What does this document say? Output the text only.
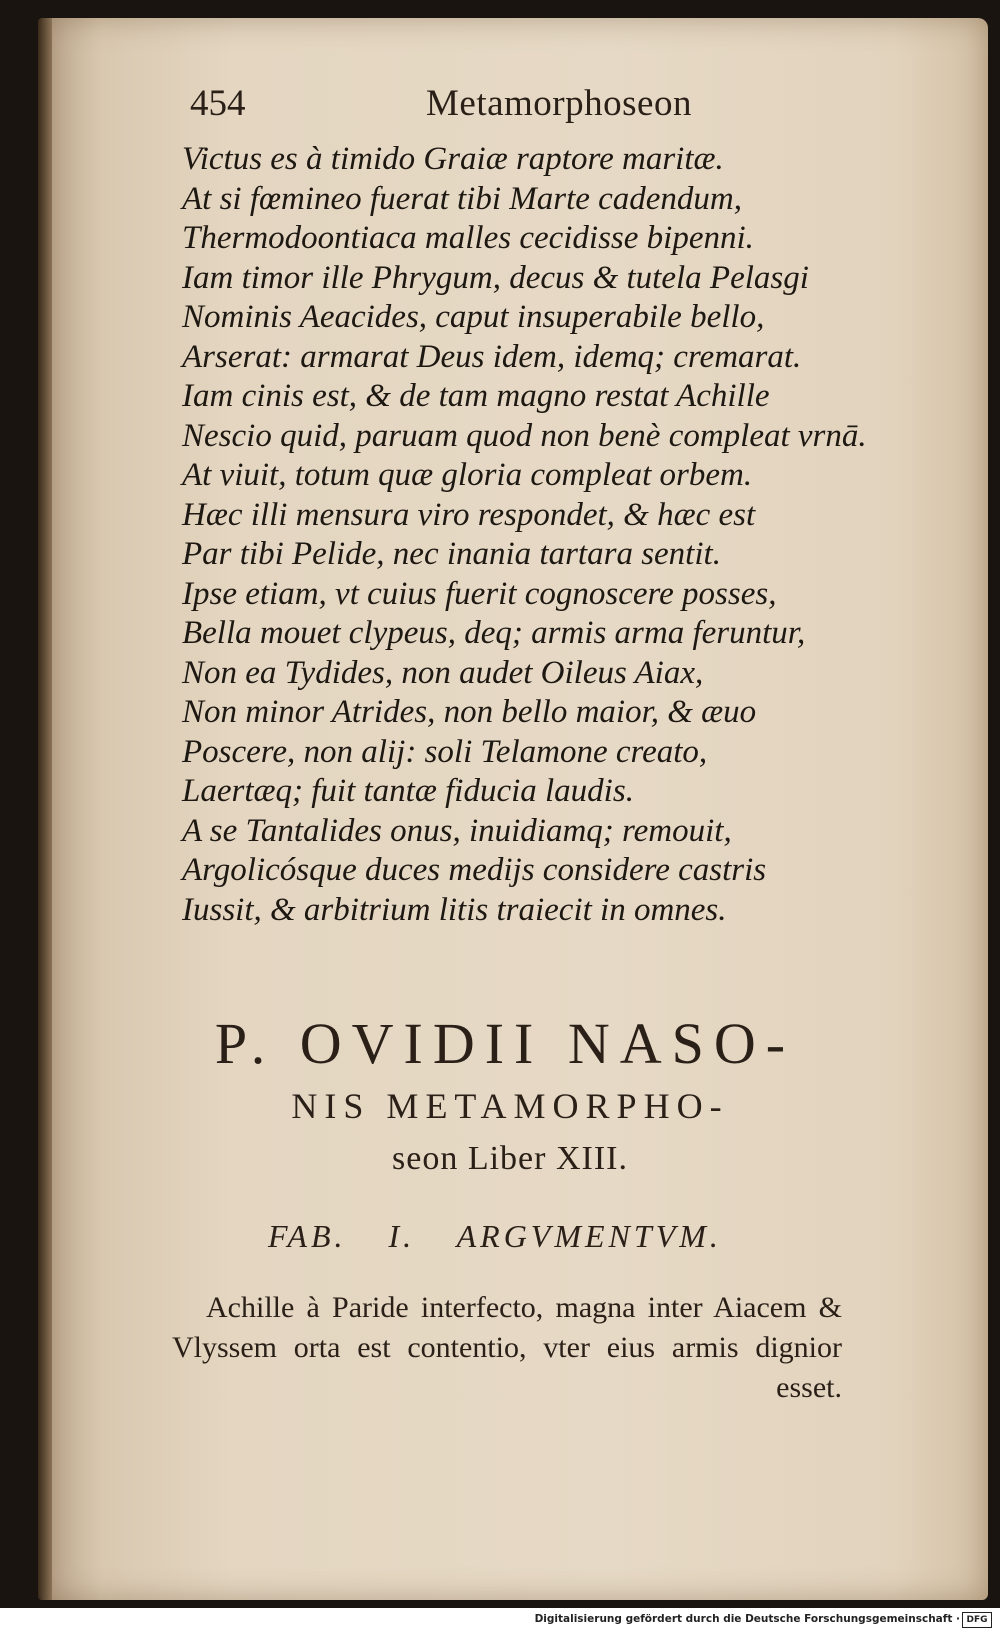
454	Metamorphoseon
Victus es à timido Graiæ raptore maritæ.
At si fœmineo fuerat tibi Marte cadendum,
Thermodoontiaca malles cecidisse bipenni.
Iam timor ille Phrygum, decus & tutela Pelasgi
Nominis Aeacides, caput insuperabile bello,
Arserat: armarat Deus idem, idemq; cremarat.
Iam cinis est, & de tam magno restat Achille
Nescio quid, paruam quod non benè compleat vrnā.
At viuit, totum quæ gloria compleat orbem.
Hæc illi mensura viro respondet, & hæc est
Par tibi Pelide, nec inania tartara sentit.
Ipse etiam, vt cuius fuerit cognoscere posses,
Bella mouet clypeus, deq; armis arma feruntur,
Non ea Tydides, non audet Oileus Aiax,
Non minor Atrides, non bello maior, & æuo
Poscere, non alij: soli Telamone creato,
Laertæq; fuit tantæ fiducia laudis.
A se Tantalides onus, inuidiamq; remouit,
Argolicósque duces medijs considere castris
Iussit, & arbitrium litis traiecit in omnes.
P. OVIDII NASO-
NIS METAMORPHO-
seon Liber XIII.
FAB. I. ARGVMENTVM.
Achille à Paride interfecto, magna inter Aiacem & Vlyssem orta est contentio, vter eius armis dignior esset.
Digitalisierung gefördert durch die Deutsche Forschungsgemeinschaft · DFG
